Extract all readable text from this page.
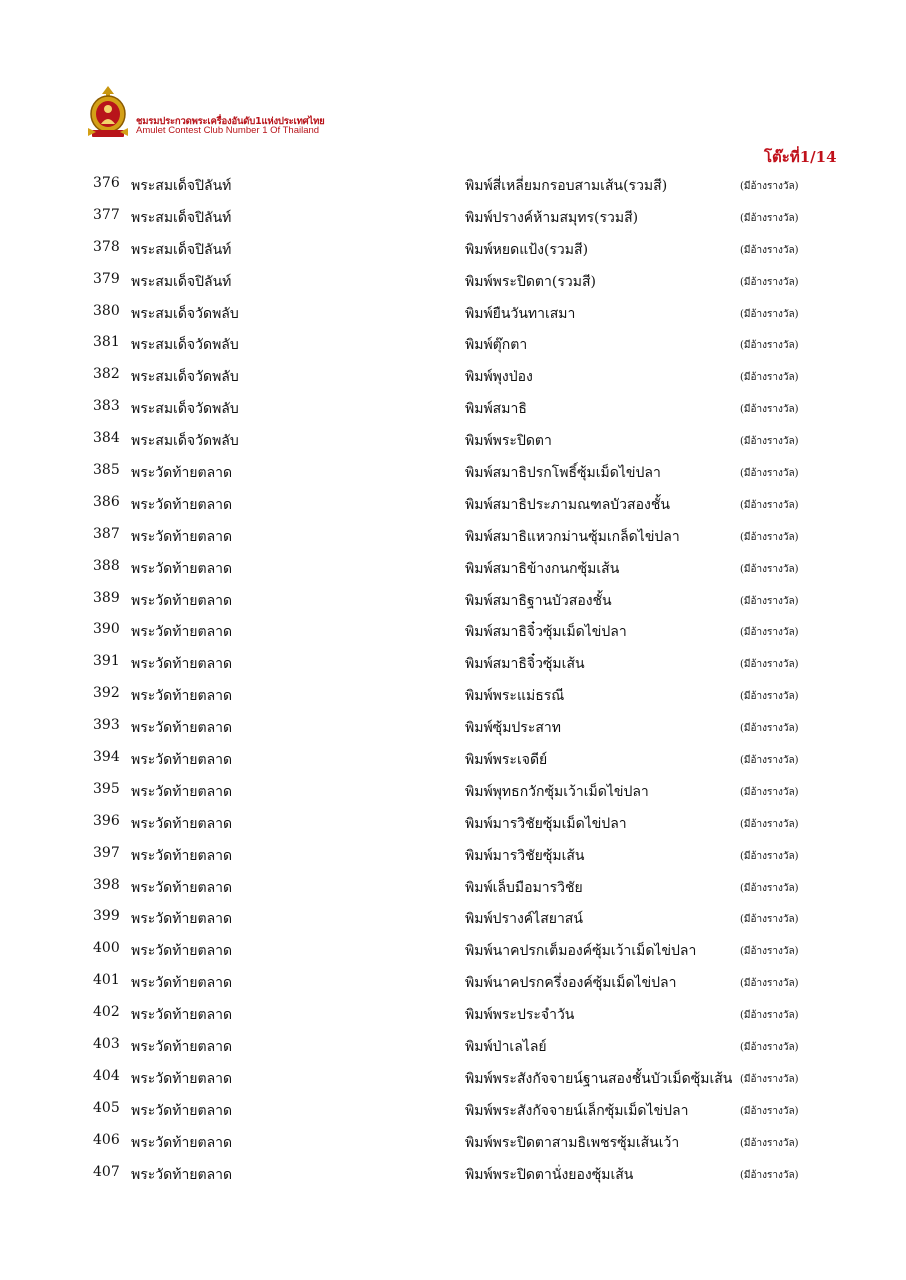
ชมรมประกวดพระเครื่องอันดับ1แห่งประเทศไทย
Amulet Contest Club Number 1 Of Thailand
โต๊ะที่1/14
376 พระสมเด็จปิลันท์	พิมพ์สี่เหลี่ยมกรอบสามเส้น(รวมสี)	(มีอ้างรางวัล)
377 พระสมเด็จปิลันท์	พิมพ์ปรางค์ห้ามสมุทร(รวมสี)	(มีอ้างรางวัล)
378 พระสมเด็จปิลันท์	พิมพ์หยดแป้ง(รวมสี)	(มีอ้างรางวัล)
379 พระสมเด็จปิลันท์	พิมพ์พระปิดตา(รวมสี)	(มีอ้างรางวัล)
380 พระสมเด็จวัดพลับ	พิมพ์ยืนวันทาเสมา	(มีอ้างรางวัล)
381 พระสมเด็จวัดพลับ	พิมพ์ตุ๊กตา	(มีอ้างรางวัล)
382 พระสมเด็จวัดพลับ	พิมพ์พุงป่อง	(มีอ้างรางวัล)
383 พระสมเด็จวัดพลับ	พิมพ์สมาธิ	(มีอ้างรางวัล)
384 พระสมเด็จวัดพลับ	พิมพ์พระปิดตา	(มีอ้างรางวัล)
385 พระวัดท้ายตลาด	พิมพ์สมาธิปรกโพธิ์ซุ้มเม็ดไข่ปลา	(มีอ้างรางวัล)
386 พระวัดท้ายตลาด	พิมพ์สมาธิประภามณฑลบัวสองชั้น	(มีอ้างรางวัล)
387 พระวัดท้ายตลาด	พิมพ์สมาธิแหวกม่านซุ้มเกล็ดไข่ปลา	(มีอ้างรางวัล)
388 พระวัดท้ายตลาด	พิมพ์สมาธิข้างกนกซุ้มเส้น	(มีอ้างรางวัล)
389 พระวัดท้ายตลาด	พิมพ์สมาธิฐานบัวสองชั้น	(มีอ้างรางวัล)
390 พระวัดท้ายตลาด	พิมพ์สมาธิจิ๋วซุ้มเม็ดไข่ปลา	(มีอ้างรางวัล)
391 พระวัดท้ายตลาด	พิมพ์สมาธิจิ๋วซุ้มเส้น	(มีอ้างรางวัล)
392 พระวัดท้ายตลาด	พิมพ์พระแม่ธรณี	(มีอ้างรางวัล)
393 พระวัดท้ายตลาด	พิมพ์ซุ้มประสาท	(มีอ้างรางวัล)
394 พระวัดท้ายตลาด	พิมพ์พระเจดีย์	(มีอ้างรางวัล)
395 พระวัดท้ายตลาด	พิมพ์พุทธกวักซุ้มเว้าเม็ดไข่ปลา	(มีอ้างรางวัล)
396 พระวัดท้ายตลาด	พิมพ์มารวิชัยซุ้มเม็ดไข่ปลา	(มีอ้างรางวัล)
397 พระวัดท้ายตลาด	พิมพ์มารวิชัยซุ้มเส้น	(มีอ้างรางวัล)
398 พระวัดท้ายตลาด	พิมพ์เล็บมือมารวิชัย	(มีอ้างรางวัล)
399 พระวัดท้ายตลาด	พิมพ์ปรางค์ไสยาสน์	(มีอ้างรางวัล)
400 พระวัดท้ายตลาด	พิมพ์นาคปรกเต็มองค์ซุ้มเว้าเม็ดไข่ปลา	(มีอ้างรางวัล)
401 พระวัดท้ายตลาด	พิมพ์นาคปรกครึ่งองค์ซุ้มเม็ดไข่ปลา	(มีอ้างรางวัล)
402 พระวัดท้ายตลาด	พิมพ์พระประจำวัน	(มีอ้างรางวัล)
403 พระวัดท้ายตลาด	พิมพ์ป่าเลไลย์	(มีอ้างรางวัล)
404 พระวัดท้ายตลาด	พิมพ์พระสังกัจจายน์ฐานสองชั้นบัวเม็ดซุ้มเส้น (มีอ้างรางวัล)
405 พระวัดท้ายตลาด	พิมพ์พระสังกัจจายน์เล็กซุ้มเม็ดไข่ปลา	(มีอ้างรางวัล)
406 พระวัดท้ายตลาด	พิมพ์พระปิดตาสามธิเพชรซุ้มเส้นเว้า	(มีอ้างรางวัล)
407 พระวัดท้ายตลาด	พิมพ์พระปิดตานั่งยองซุ้มเส้น	(มีอ้างรางวัล)
